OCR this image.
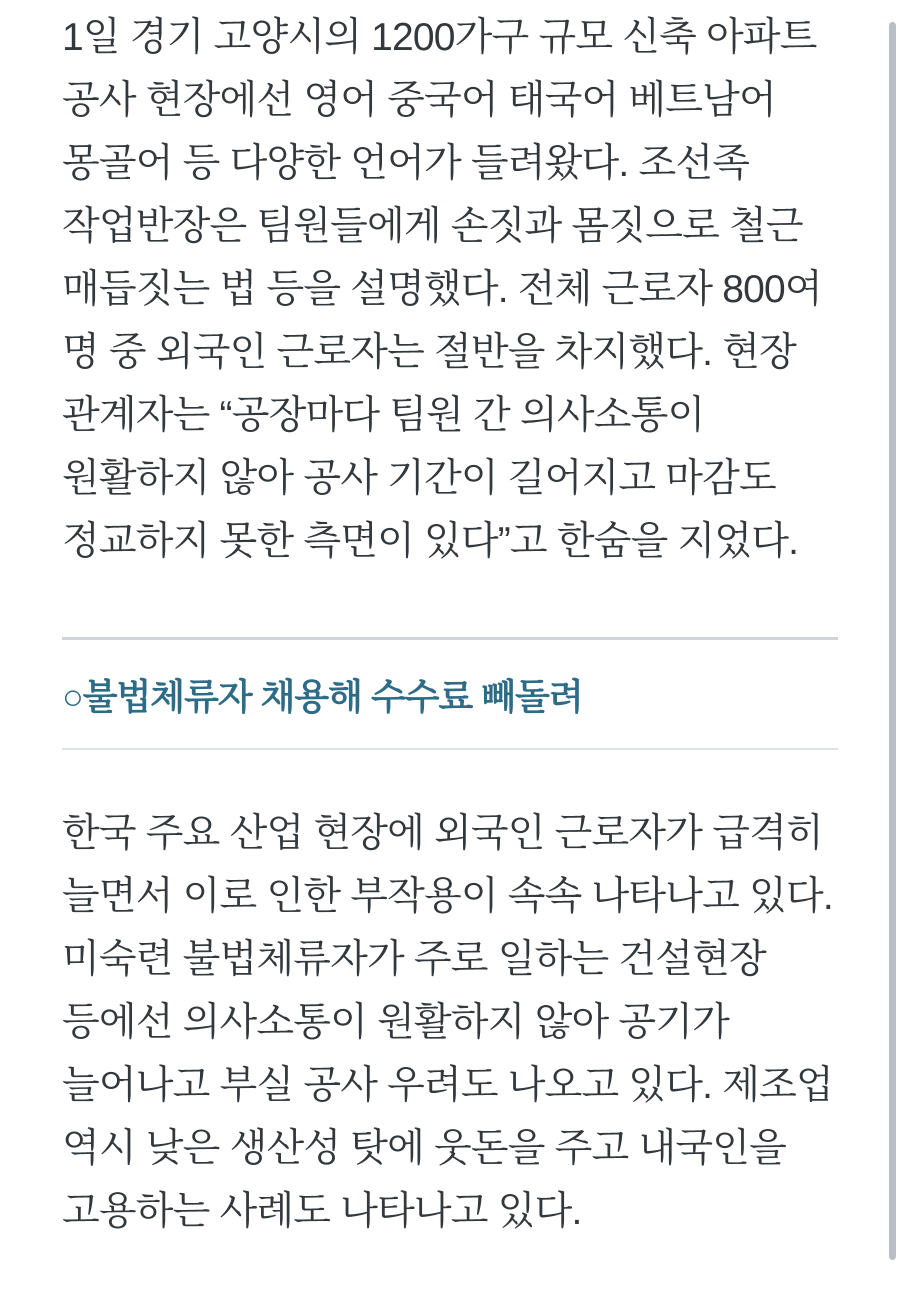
1일 경기 고양시의 1200가구 규모 신축 아파트 공사 현장에선 영어 중국어 태국어 베트남어 몽골어 등 다양한 언어가 들려왔다. 조선족 작업반장은 팀원들에게 손짓과 몸짓으로 철근 매듭짓는 법 등을 설명했다. 전체 근로자 800여 명 중 외국인 근로자는 절반을 차지했다. 현장 관계자는 “공장마다 팀원 간 의사소통이 원활하지 않아 공사 기간이 길어지고 마감도 정교하지 못한 측면이 있다”고 한숨을 지었다.

○불법체류자 채용해 수수료 빼돌려

한국 주요 산업 현장에 외국인 근로자가 급격히 늘면서 이로 인한 부작용이 속속 나타나고 있다. 미숙련 불법체류자가 주로 일하는 건설현장 등에선 의사소통이 원활하지 않아 공기가 늘어나고 부실 공사 우려도 나오고 있다. 제조업 역시 낮은 생산성 탓에 웃돈을 주고 내국인을 고용하는 사례도 나타나고 있다.
